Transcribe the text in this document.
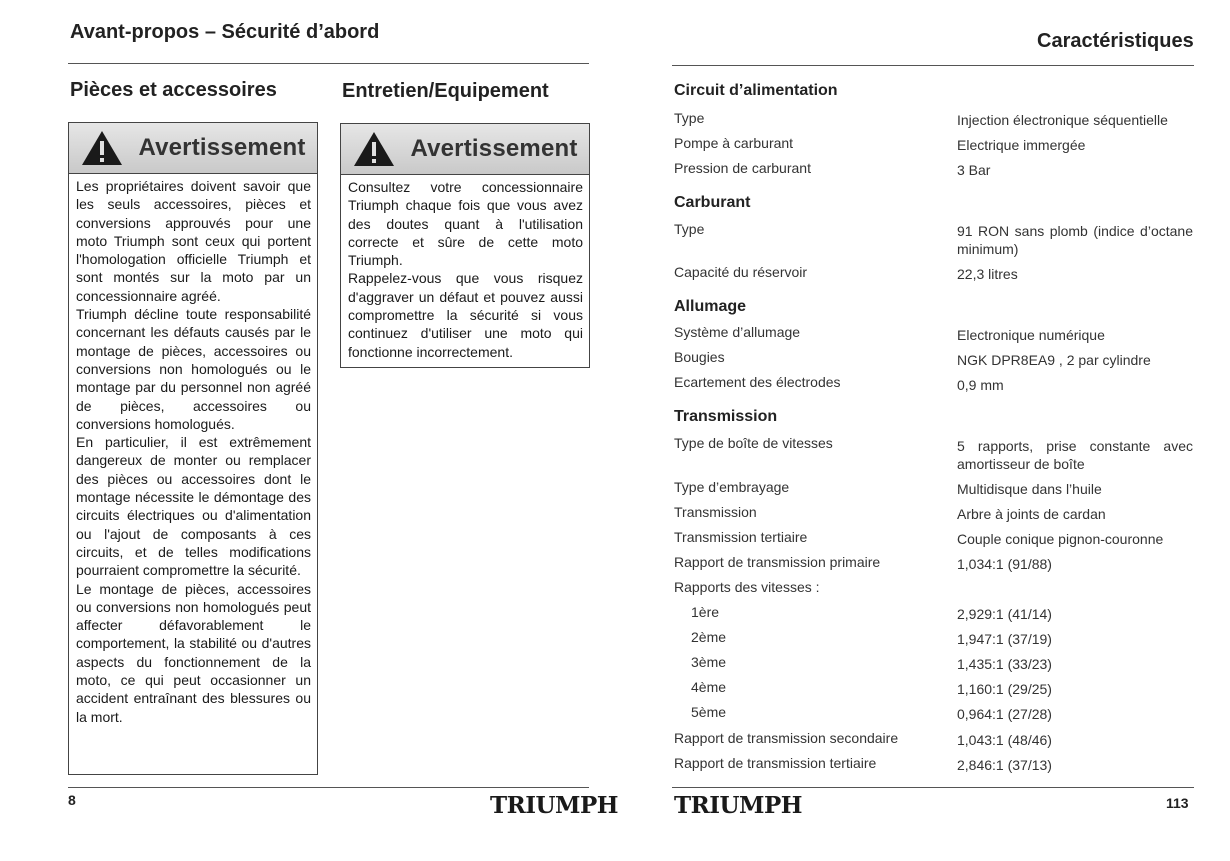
Avant-propos – Sécurité d’abord
Pièces et accessoires	Entretien/Equipement
Avertissement

Les propriétaires doivent savoir que les seuls accessoires, pièces et conversions approuvés pour une moto Triumph sont ceux qui portent l'homologation officielle Triumph et sont montés sur la moto par un concessionnaire agréé.

Triumph décline toute responsabilité concernant les défauts causés par le montage de pièces, accessoires ou conversions non homologués ou le montage par du personnel non agréé de pièces, accessoires ou conversions homologués.

En particulier, il est extrêmement dangereux de monter ou remplacer des pièces ou accessoires dont le montage nécessite le démontage des circuits électriques ou d'alimentation ou l'ajout de composants à ces circuits, et de telles modifications pourraient compromettre la sécurité.

Le montage de pièces, accessoires ou conversions non homologués peut affecter défavorablement le comportement, la stabilité ou d'autres aspects du fonctionnement de la moto, ce qui peut occasionner un accident entraînant des blessures ou la mort.

Avertissement

Consultez votre concessionnaire Triumph chaque fois que vous avez des doutes quant à l'utilisation correcte et sûre de cette moto Triumph.

Rappelez-vous que vous risquez d'aggraver un défaut et pouvez aussi compromettre la sécurité si vous continuez d'utiliser une moto qui fonctionne incorrectement.

8	TRIUMPH
Caractéristiques
Circuit d’alimentation
Type	Injection électronique séquentielle
Pompe à carburant	Electrique immergée
Pression de carburant	3 Bar
Carburant
Type	91 RON sans plomb (indice d’octane minimum)
Capacité du réservoir	22,3 litres
Allumage
Système d’allumage	Electronique numérique
Bougies	NGK DPR8EA9 , 2 par cylindre
Ecartement des électrodes	0,9 mm
Transmission
Type de boîte de vitesses	5 rapports, prise constante avec amortisseur de boîte
Type d’embrayage	Multidisque dans l’huile
Transmission	Arbre à joints de cardan
Transmission tertiaire	Couple conique pignon-couronne
Rapport de transmission primaire	1,034:1 (91/88)
Rapports des vitesses :
1ère	2,929:1 (41/14)
2ème	1,947:1 (37/19)
3ème	1,435:1 (33/23)
4ème	1,160:1 (29/25)
5ème	0,964:1 (27/28)
Rapport de transmission secondaire	1,043:1 (48/46)
Rapport de transmission tertiaire	2,846:1 (37/13)
TRIUMPH	113
